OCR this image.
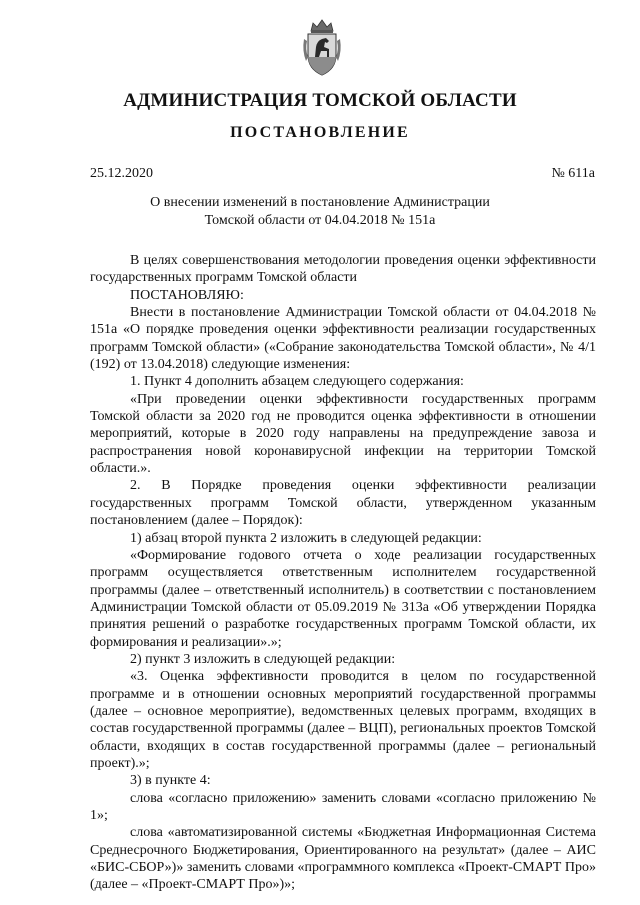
АДМИНИСТРАЦИЯ ТОМСКОЙ ОБЛАСТИ
ПОСТАНОВЛЕНИЕ
25.12.2020	№ 611а
О внесении изменений в постановление Администрации
Томской области от 04.04.2018 № 151а

В целях совершенствования методологии проведения оценки эффективности государственных программ Томской области

ПОСТАНОВЛЯЮ:

Внести в постановление Администрации Томской области от 04.04.2018 № 151а «О порядке проведения оценки эффективности реализации государственных программ Томской области» («Собрание законодательства Томской области», № 4/1 (192) от 13.04.2018) следующие изменения:

1. Пункт 4 дополнить абзацем следующего содержания:

«При проведении оценки эффективности государственных программ Томской области за 2020 год не проводится оценка эффективности в отношении мероприятий, которые в 2020 году направлены на предупреждение завоза и распространения новой коронавирусной инфекции на территории Томской области.».

2. В Порядке проведения оценки эффективности реализации государственных программ Томской области, утвержденном указанным постановлением (далее – Порядок):

1) абзац второй пункта 2 изложить в следующей редакции:

«Формирование годового отчета о ходе реализации государственных программ осуществляется ответственным исполнителем государственной программы (далее – ответственный исполнитель) в соответствии с постановлением Администрации Томской области от 05.09.2019 № 313а «Об утверждении Порядка принятия решений о разработке государственных программ Томской области, их формирования и реализации».»;

2) пункт 3 изложить в следующей редакции:

«3. Оценка эффективности проводится в целом по государственной программе и в отношении основных мероприятий государственной программы (далее – основное мероприятие), ведомственных целевых программ, входящих в состав государственной программы (далее – ВЦП), региональных проектов Томской области, входящих в состав государственной программы (далее – региональный проект).»;

3) в пункте 4:

слова «согласно приложению» заменить словами «согласно приложению № 1»;

слова «автоматизированной системы «Бюджетная Информационная Система Среднесрочного Бюджетирования, Ориентированного на результат» (далее – АИС «БИС-СБОР»)» заменить словами «программного комплекса «Проект-СМАРТ Про» (далее – «Проект-СМАРТ Про»)»;
